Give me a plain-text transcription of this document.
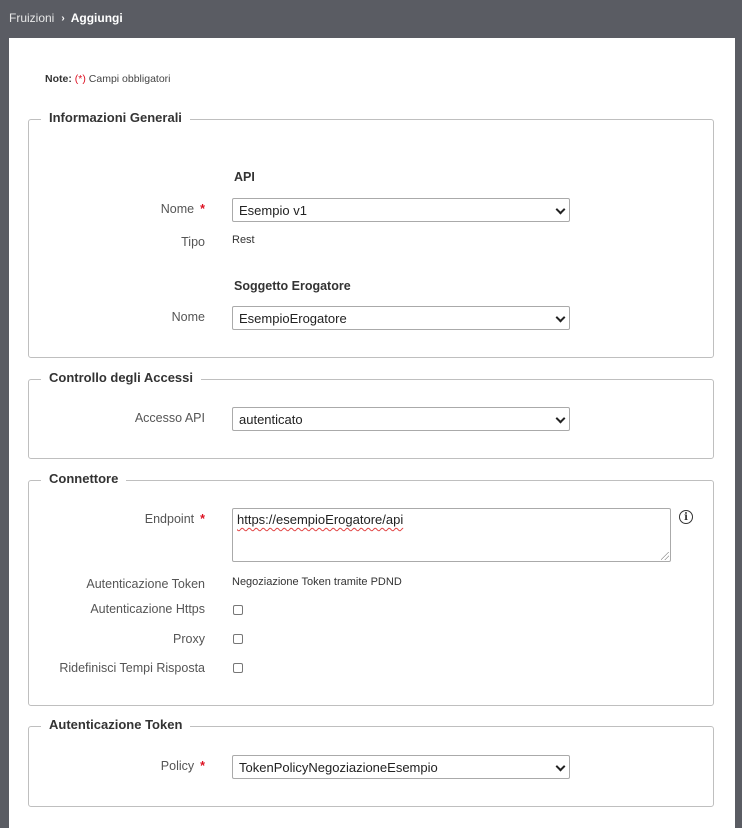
Fruizioni › Aggiungi
Note: (*) Campi obbligatori
Informazioni Generali
API
Nome *	Esempio v1
Tipo Rest
Soggetto Erogatore
Nome	EsempioErogatore
Controllo degli Accessi
Accesso API	autenticato
Connettore
Endpoint *	https://esempioErogatore/api	i
Autenticazione Token Negoziazione Token tramite PDND
Autenticazione Https
Proxy
Ridefinisci Tempi Risposta
Autenticazione Token
Policy *	TokenPolicyNegoziazioneEsempio
